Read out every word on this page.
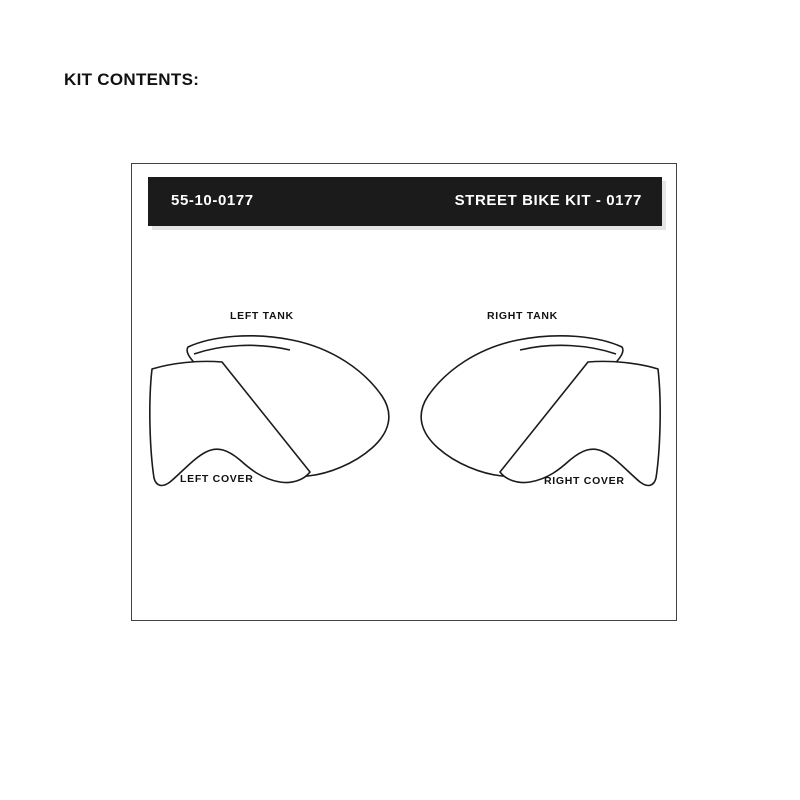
KIT CONTENTS:
55-10-0177	STREET BIKE KIT - 0177
LEFT TANK	RIGHT TANK
LEFT COVER	RIGHT COVER
